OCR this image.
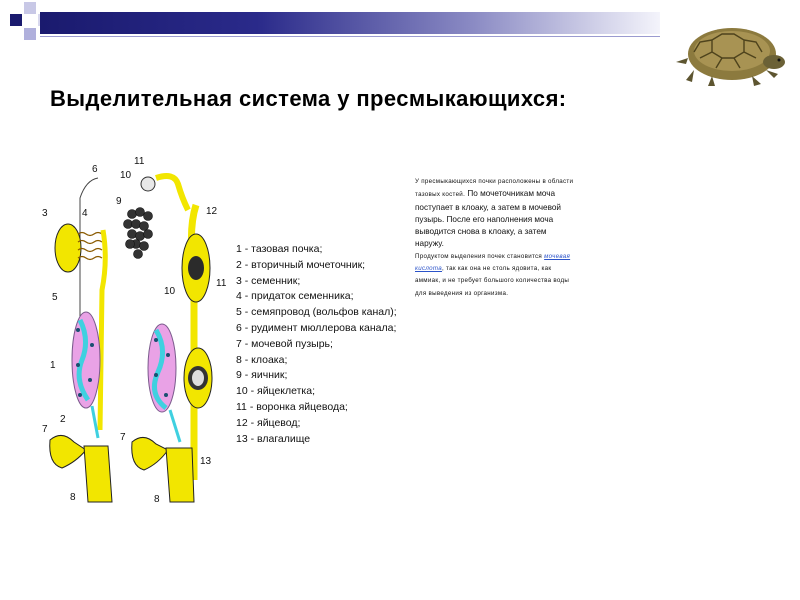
Выделительная система у пресмыкающихся:
6
3	4
5
1
2
7
8
11
10
9
12
10
11
7
13
8
1 - тазовая почка;
2 - вторичный мочеточник;
3 - семенник;
4 - придаток семенника;
5 - семяпровод (вольфов канал);
6 - рудимент мюллерова канала;
7 - мочевой пузырь;
8 - клоака;
9 - яичник;
10 - яйцеклетка;
11 - воронка яйцевода;
12 - яйцевод;
13 - влагалище

У пресмыкающихся почки расположены в области тазовых костей. По мочеточникам моча поступает в клоаку, а затем в мочевой пузырь. После его наполнения моча выводится снова в клоаку, а затем наружу.

Продуктом выделения почек становится мочевая кислота, так как она не столь ядовита, как аммиак, и не требует большого количества воды для выведения из организма.
